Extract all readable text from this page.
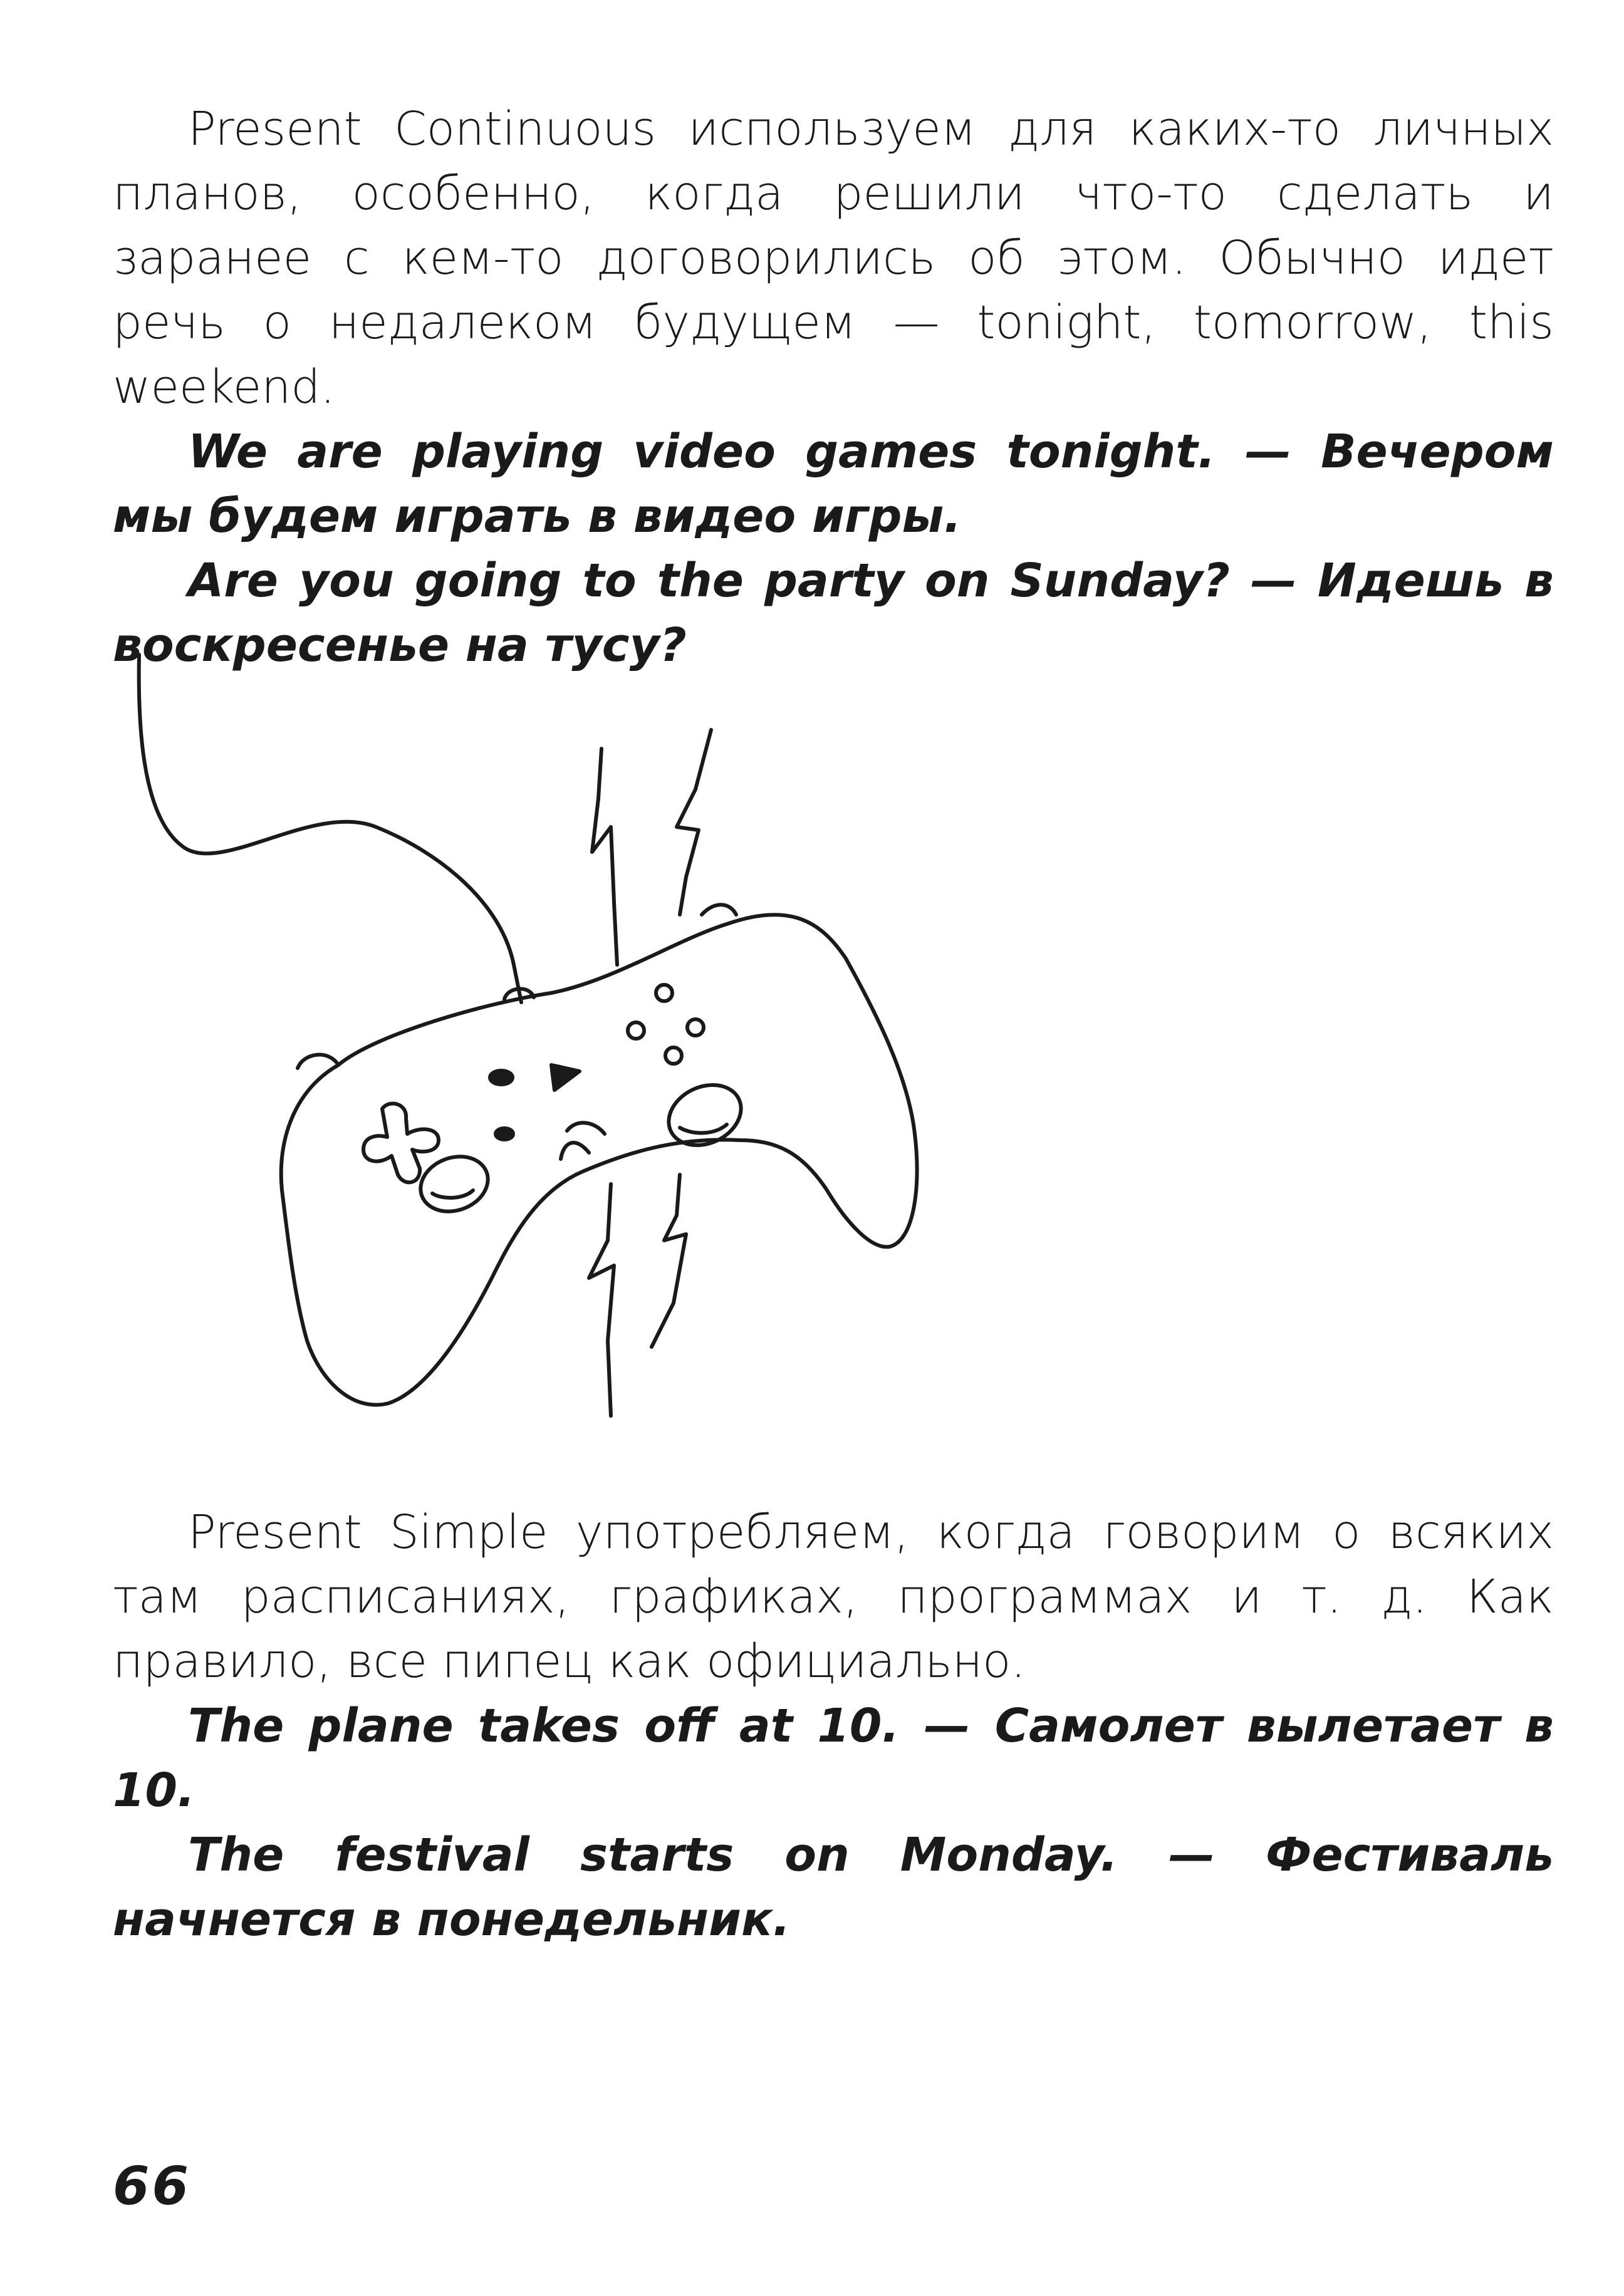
Present Continuous используем для каких-то личных планов, особенно, когда решили что-то сделать и заранее с кем-то договорились об этом. Обычно идет речь о недалеком будущем — tonight, tomorrow, this weekend.

We are playing video games tonight. — Вечером мы будем играть в видео игры.

Are you going to the party on Sunday? — Идешь в воскресенье на тусу?

Present Simple употребляем, когда говорим о всяких там расписаниях, графиках, программах и т. д. Как правило, все пипец как официально.

The plane takes off at 10. — Самолет вылетает в 10.

The festival starts on Monday. — Фестиваль начнется в понедельник.

66
